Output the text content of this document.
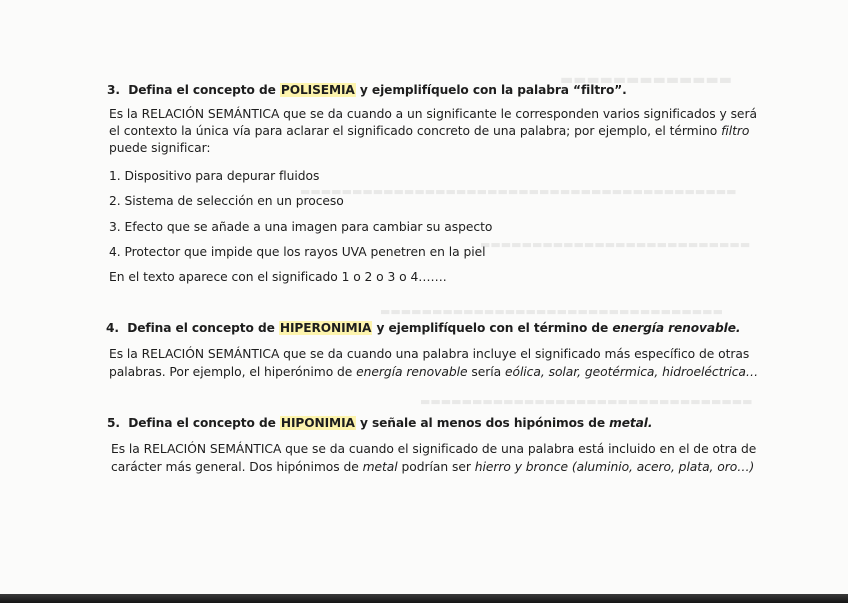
▬▬▬▬▬▬▬▬▬▬▬▬▬
▬▬▬▬▬▬▬▬▬▬▬▬▬▬▬▬▬▬▬▬▬▬▬▬▬▬▬▬▬▬▬▬▬▬▬▬▬▬▬▬▬▬
▬▬▬▬▬▬▬▬▬▬▬▬▬▬▬▬▬▬▬▬▬▬▬▬▬▬
▬▬▬▬▬▬▬▬▬▬▬▬▬▬▬▬▬▬▬▬▬▬▬▬▬▬▬▬▬▬▬▬▬
▬▬▬▬▬▬▬▬▬▬▬▬▬▬▬▬▬▬▬▬▬▬▬▬▬▬▬▬▬▬▬▬
3. Defina el concepto de POLISEMIA y ejemplifíquelo con la palabra “filtro”.
Es la RELACIÓN SEMÁNTICA que se da cuando a un significante le corresponden varios significados y será
el contexto la única vía para aclarar el significado concreto de una palabra; por ejemplo, el término filtro
puede significar:
1. Dispositivo para depurar fluidos
2. Sistema de selección en un proceso
3. Efecto que se añade a una imagen para cambiar su aspecto
4. Protector que impide que los rayos UVA penetren en la piel
En el texto aparece con el significado 1 o 2 o 3 o 4…….
4. Defina el concepto de HIPERONIMIA y ejemplifíquelo con el término de energía renovable.
Es la RELACIÓN SEMÁNTICA que se da cuando una palabra incluye el significado más específico de otras
palabras. Por ejemplo, el hiperónimo de energía renovable sería eólica, solar, geotérmica, hidroeléctrica…
5. Defina el concepto de HIPONIMIA y señale al menos dos hipónimos de metal.
Es la RELACIÓN SEMÁNTICA que se da cuando el significado de una palabra está incluido en el de otra de
carácter más general. Dos hipónimos de metal podrían ser hierro y bronce (aluminio, acero, plata, oro…)
